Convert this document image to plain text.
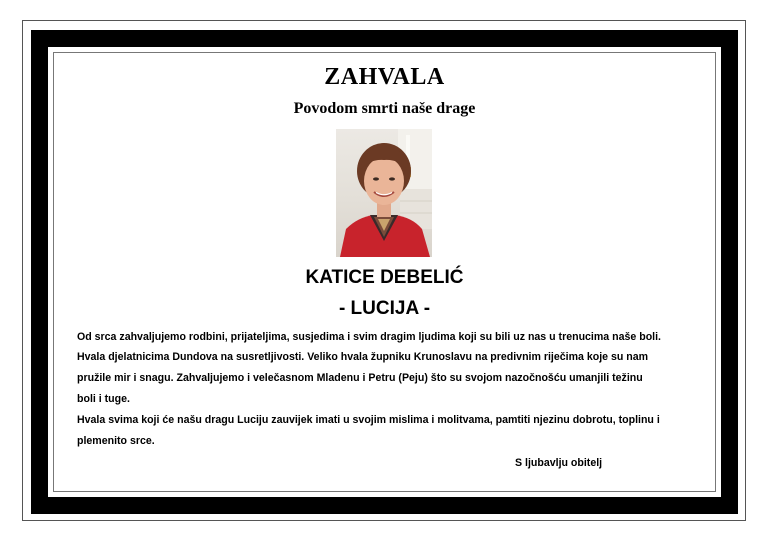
ZAHVALA
Povodom smrti naše drage
KATICE DEBELIĆ
- LUCIJA -
Od srca zahvaljujemo rodbini, prijateljima, susjedima i svim dragim ljudima koji su bili uz nas u trenucima naše boli.
Hvala djelatnicima Dundova na susretljivosti. Veliko hvala župniku Krunoslavu na predivnim riječima koje su nam
pružile mir i snagu. Zahvaljujemo i velečasnom Mladenu i Petru (Peju) što su svojom nazočnošću umanjili težinu
boli i tuge.
Hvala svima koji će našu dragu Luciju zauvijek imati u svojim mislima i molitvama, pamtiti njezinu dobrotu, toplinu i
plemenito srce.
S ljubavlju obitelj
